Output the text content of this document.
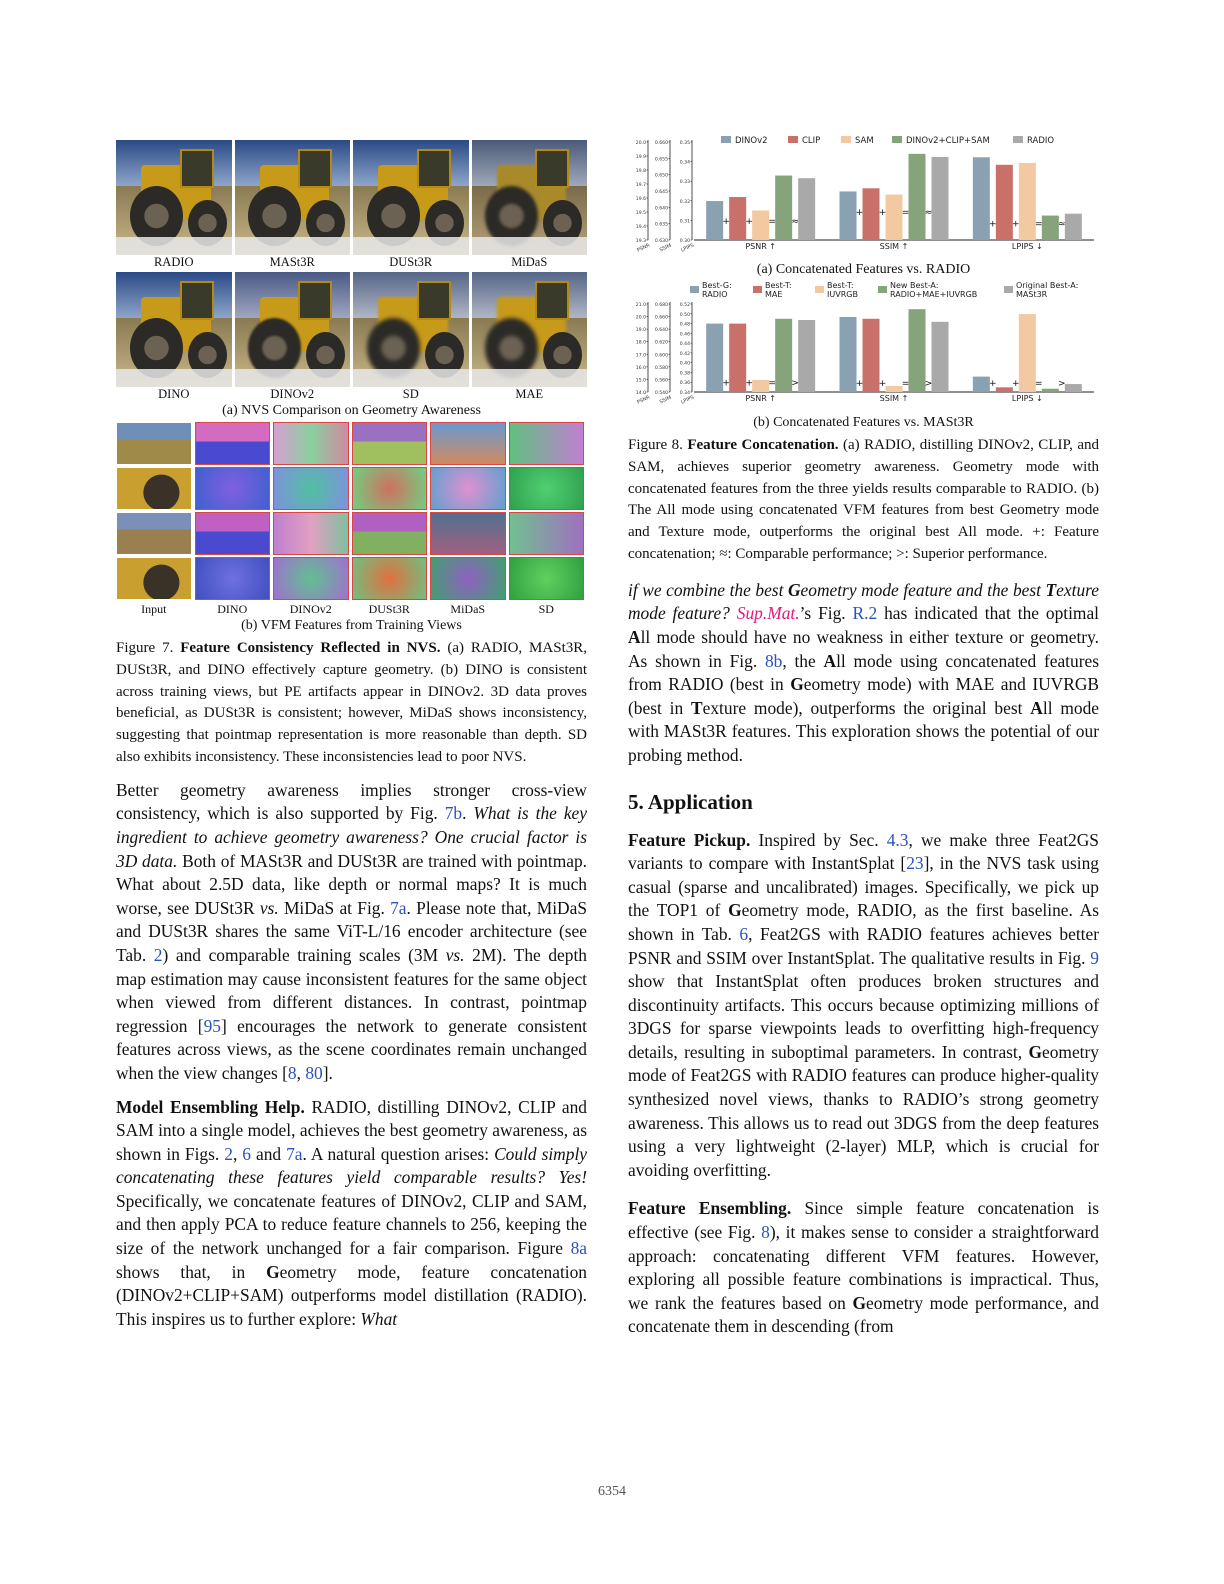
RADIO	MASt3R	DUSt3R	MiDaS
DINO	DINOv2	SD	MAE
(a) NVS Comparison on Geometry Awareness
Input	DINO	DINOv2	DUSt3R	MiDaS	SD
(b) VFM Features from Training Views
Figure 7. Feature Consistency Reflected in NVS. (a) RADIO, MASt3R, DUSt3R, and DINO effectively capture geometry. (b) DINO is consistent across training views, but PE artifacts appear in DINOv2. 3D data proves beneficial, as DUSt3R is consistent; however, MiDaS shows inconsistency, suggesting that pointmap representation is more reasonable than depth. SD also exhibits inconsistency. These inconsistencies lead to poor NVS.

Better geometry awareness implies stronger cross-view consistency, which is also supported by Fig. 7b. What is the key ingredient to achieve geometry awareness? One crucial factor is 3D data. Both of MASt3R and DUSt3R are trained with pointmap. What about 2.5D data, like depth or normal maps? It is much worse, see DUSt3R vs. MiDaS at Fig. 7a. Please note that, MiDaS and DUSt3R shares the same ViT-L/16 encoder architecture (see Tab. 2) and comparable training scales (3M vs. 2M). The depth map estimation may cause inconsistent features for the same object when viewed from different distances. In contrast, pointmap regression [95] encourages the network to generate consistent features across views, as the scene coordinates remain unchanged when the view changes [8, 80].

Model Ensembling Help. RADIO, distilling DINOv2, CLIP and SAM into a single model, achieves the best geometry awareness, as shown in Figs. 2, 6 and 7a. A natural question arises: Could simply concatenating these features yield comparable results? Yes! Specifically, we concatenate features of DINOv2, CLIP and SAM, and then apply PCA to reduce feature channels to 256, keeping the size of the network unchanged for a fair comparison. Figure 8a shows that, in Geometry mode, feature concatenation (DINOv2+CLIP+SAM) outperforms model distillation (RADIO). This inspires us to further explore: What

19.3
19.4
19.5
19.6
19.7
19.8
19.9
20.0
PSNR
0.630
0.635
0.640
0.645
0.650
0.655
0.660
SSIM
0.30
0.31
0.32
0.33
0.34
0.35
LPIPS
DINOv2	CLIP	SAM	DINOv2+CLIP+SAM	RADIO
+ + = ≈
PSNR ↑
+ + = ≈
SSIM ↑
+ + = ≈
LPIPS ↓
(a) Concatenated Features vs. RADIO
14.0
15.0
16.0
17.0
18.0
19.0
20.0
21.0
PSNR
0.540
0.560
0.580
0.600
0.620
0.640
0.660
0.680
SSIM
0.34
0.36
0.38
0.40
0.42
0.44
0.46
0.48
0.50
0.52
LPIPS
Best-G:
RADIO
Best-T:
MAE
Best-T:
IUVRGB
New Best-A:
RADIO+MAE+IUVRGB
Original Best-A:
MASt3R
+ + = >
PSNR ↑
+ + = >
SSIM ↑
+ + = >
LPIPS ↓
(b) Concatenated Features vs. MASt3R
Figure 8. Feature Concatenation. (a) RADIO, distilling DINOv2, CLIP, and SAM, achieves superior geometry awareness. Geometry mode with concatenated features from the three yields results comparable to RADIO. (b) The All mode using concatenated VFM features from best Geometry mode and Texture mode, outperforms the original best All mode. +: Feature concatenation; ≈: Comparable performance; >: Superior performance.

if we combine the best Geometry mode feature and the best Texture mode feature? Sup.Mat.’s Fig. R.2 has indicated that the optimal All mode should have no weakness in either texture or geometry. As shown in Fig. 8b, the All mode using concatenated features from RADIO (best in Geometry mode) with MAE and IUVRGB (best in Texture mode), outperforms the original best All mode with MASt3R features. This exploration shows the potential of our probing method.

5. Application

Feature Pickup. Inspired by Sec. 4.3, we make three Feat2GS variants to compare with InstantSplat [23], in the NVS task using casual (sparse and uncalibrated) images. Specifically, we pick up the TOP1 of Geometry mode, RADIO, as the first baseline. As shown in Tab. 6, Feat2GS with RADIO features achieves better PSNR and SSIM over InstantSplat. The qualitative results in Fig. 9 show that InstantSplat often produces broken structures and discontinuity artifacts. This occurs because optimizing millions of 3DGS for sparse viewpoints leads to overfitting high-frequency details, resulting in suboptimal parameters. In contrast, Geometry mode of Feat2GS with RADIO features can produce higher-quality synthesized novel views, thanks to RADIO’s strong geometry awareness. This allows us to read out 3DGS from the deep features using a very lightweight (2-layer) MLP, which is crucial for avoiding overfitting.

Feature Ensembling. Since simple feature concatenation is effective (see Fig. 8), it makes sense to consider a straightforward approach: concatenating different VFM features. However, exploring all possible feature combinations is impractical. Thus, we rank the features based on Geometry mode performance, and concatenate them in descending (from

6354
